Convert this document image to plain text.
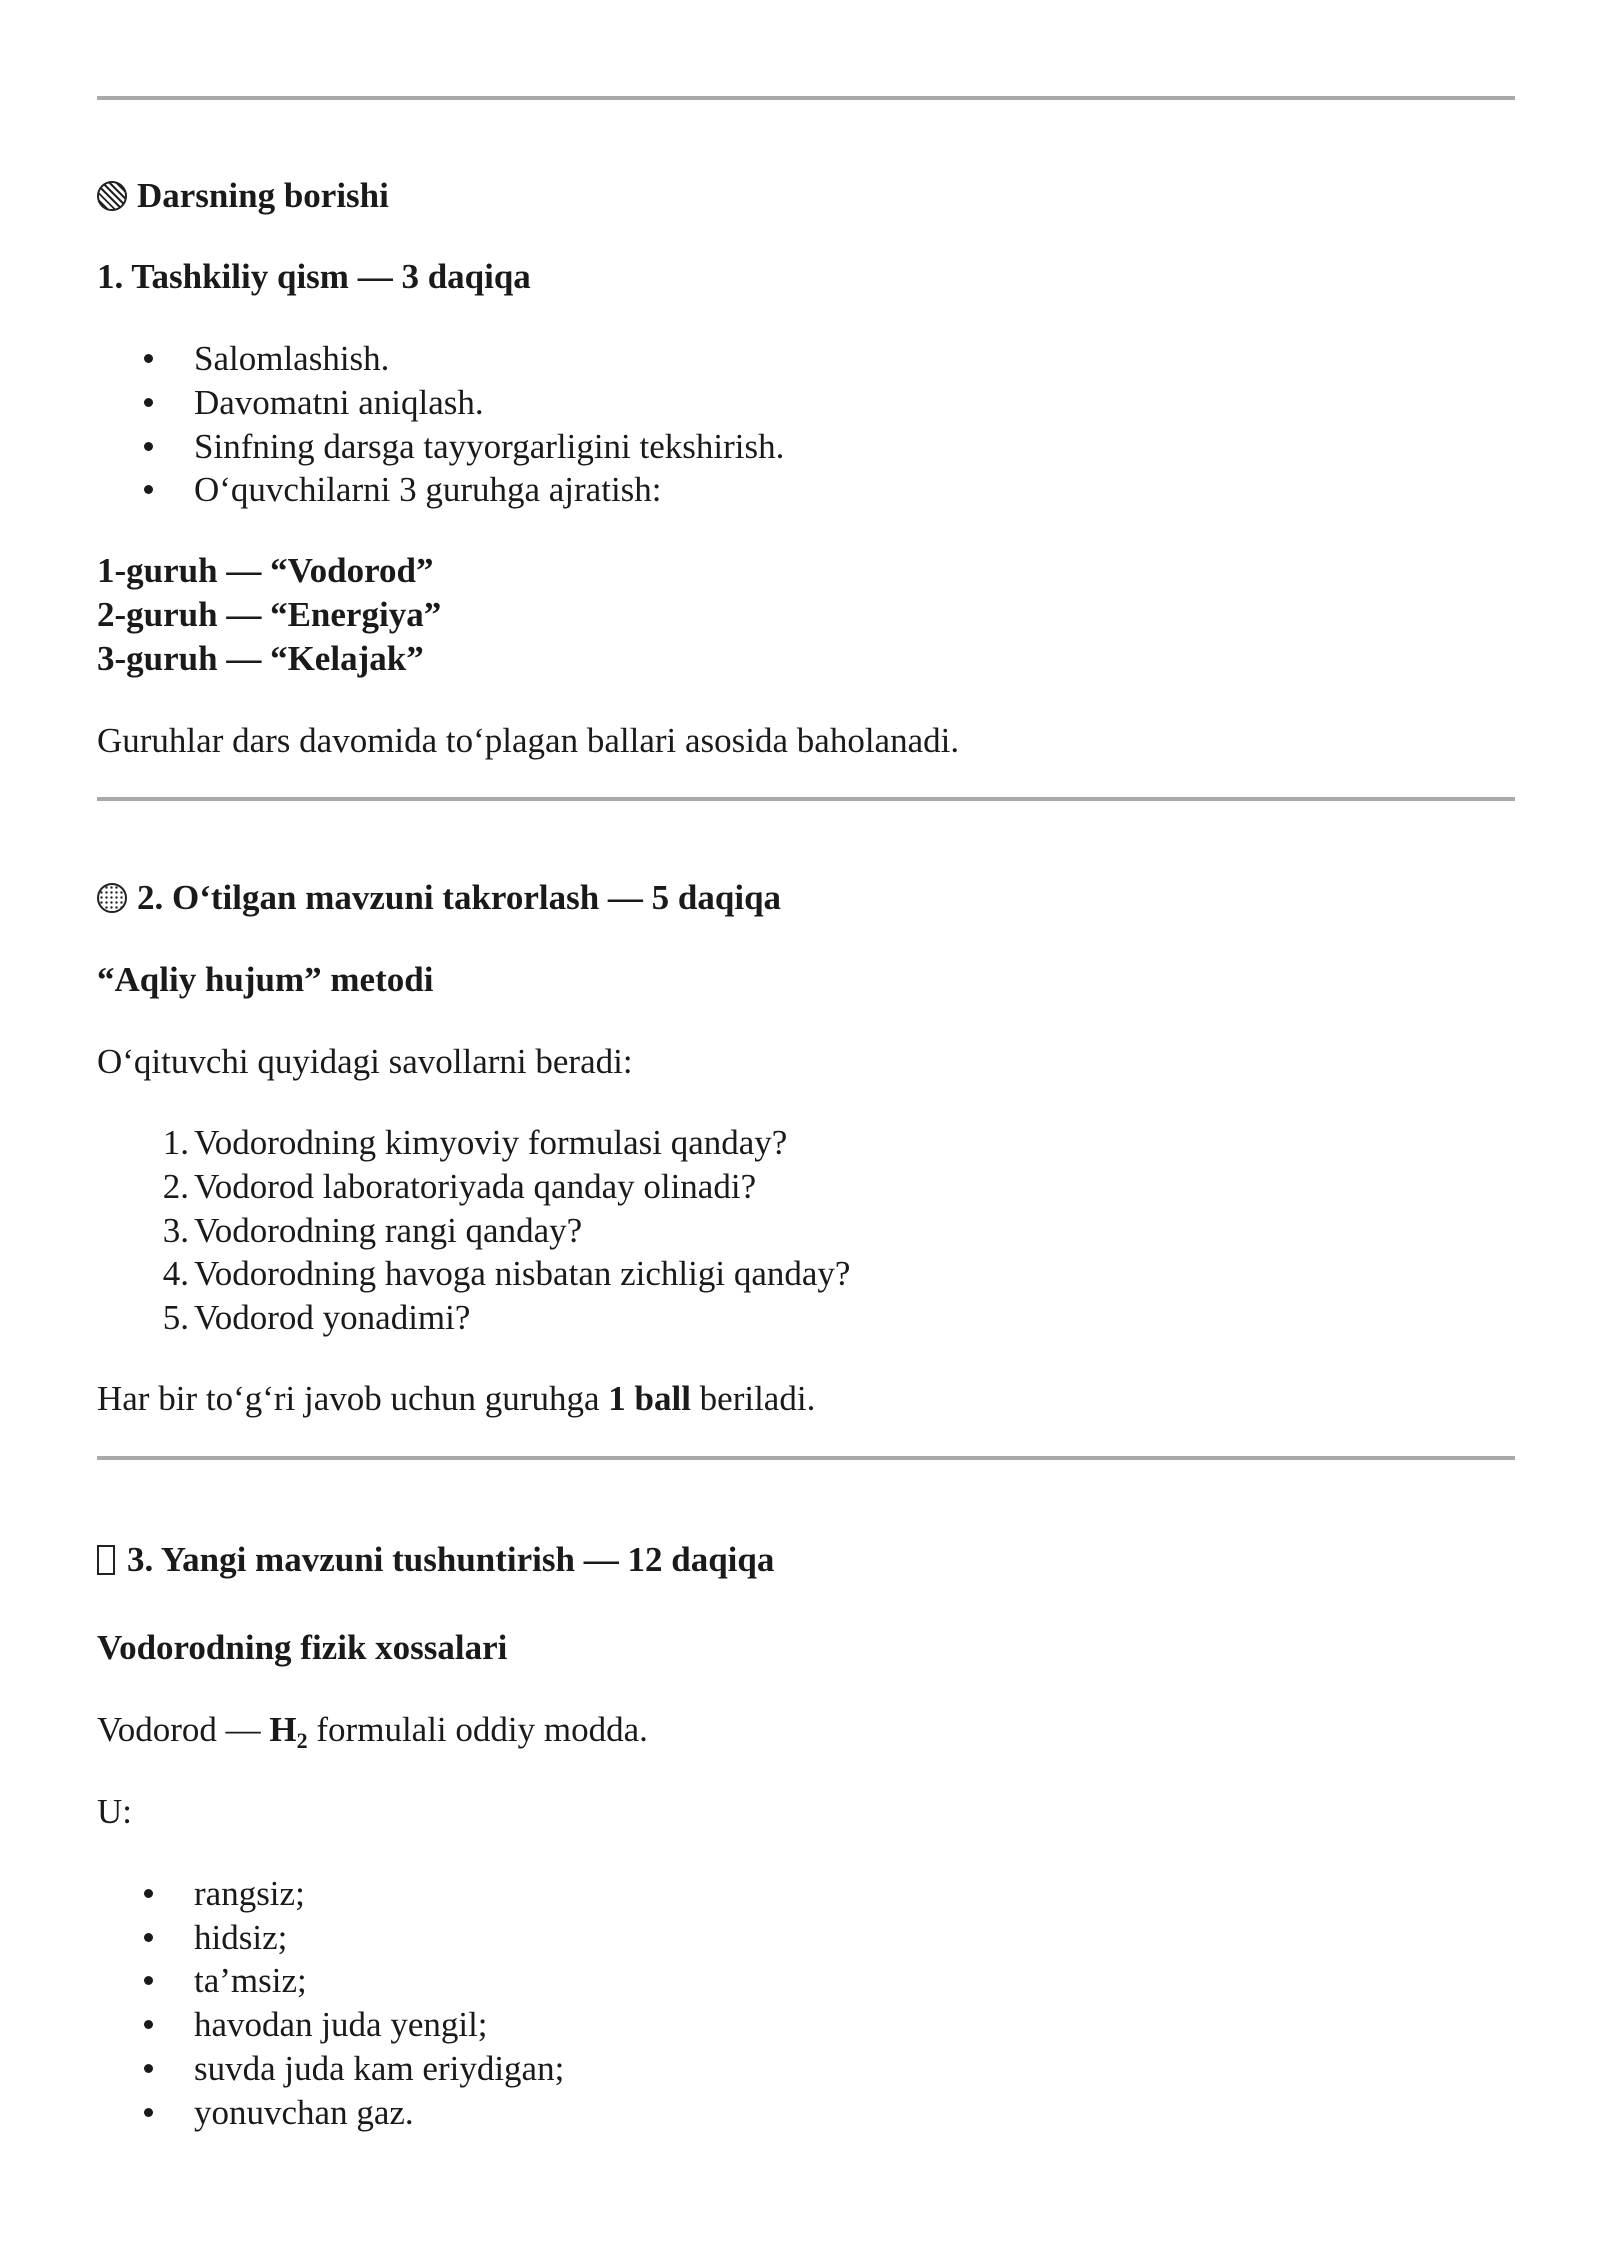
Darsning borishi
1. Tashkiliy qism — 3 daqiqa
Salomlashish.
Davomatni aniqlash.
Sinfning darsga tayyorgarligini tekshirish.
O‘quvchilarni 3 guruhga ajratish:
1-guruh — “Vodorod”
2-guruh — “Energiya”
3-guruh — “Kelajak”
Guruhlar dars davomida to‘plagan ballari asosida baholanadi.
2. O‘tilgan mavzuni takrorlash — 5 daqiqa
“Aqliy hujum” metodi
O‘qituvchi quyidagi savollarni beradi:
1. Vodorodning kimyoviy formulasi qanday?
2. Vodorod laboratoriyada qanday olinadi?
3. Vodorodning rangi qanday?
4. Vodorodning havoga nisbatan zichligi qanday?
5. Vodorod yonadimi?
Har bir to‘g‘ri javob uchun guruhga 1 ball beriladi.
3. Yangi mavzuni tushuntirish — 12 daqiqa
Vodorodning fizik xossalari
Vodorod — $H_2$ formulali oddiy modda.
U:
rangsiz;
hidsiz;
ta’msiz;
havodan juda yengil;
suvda juda kam eriydigan;
yonuvchan gaz.
